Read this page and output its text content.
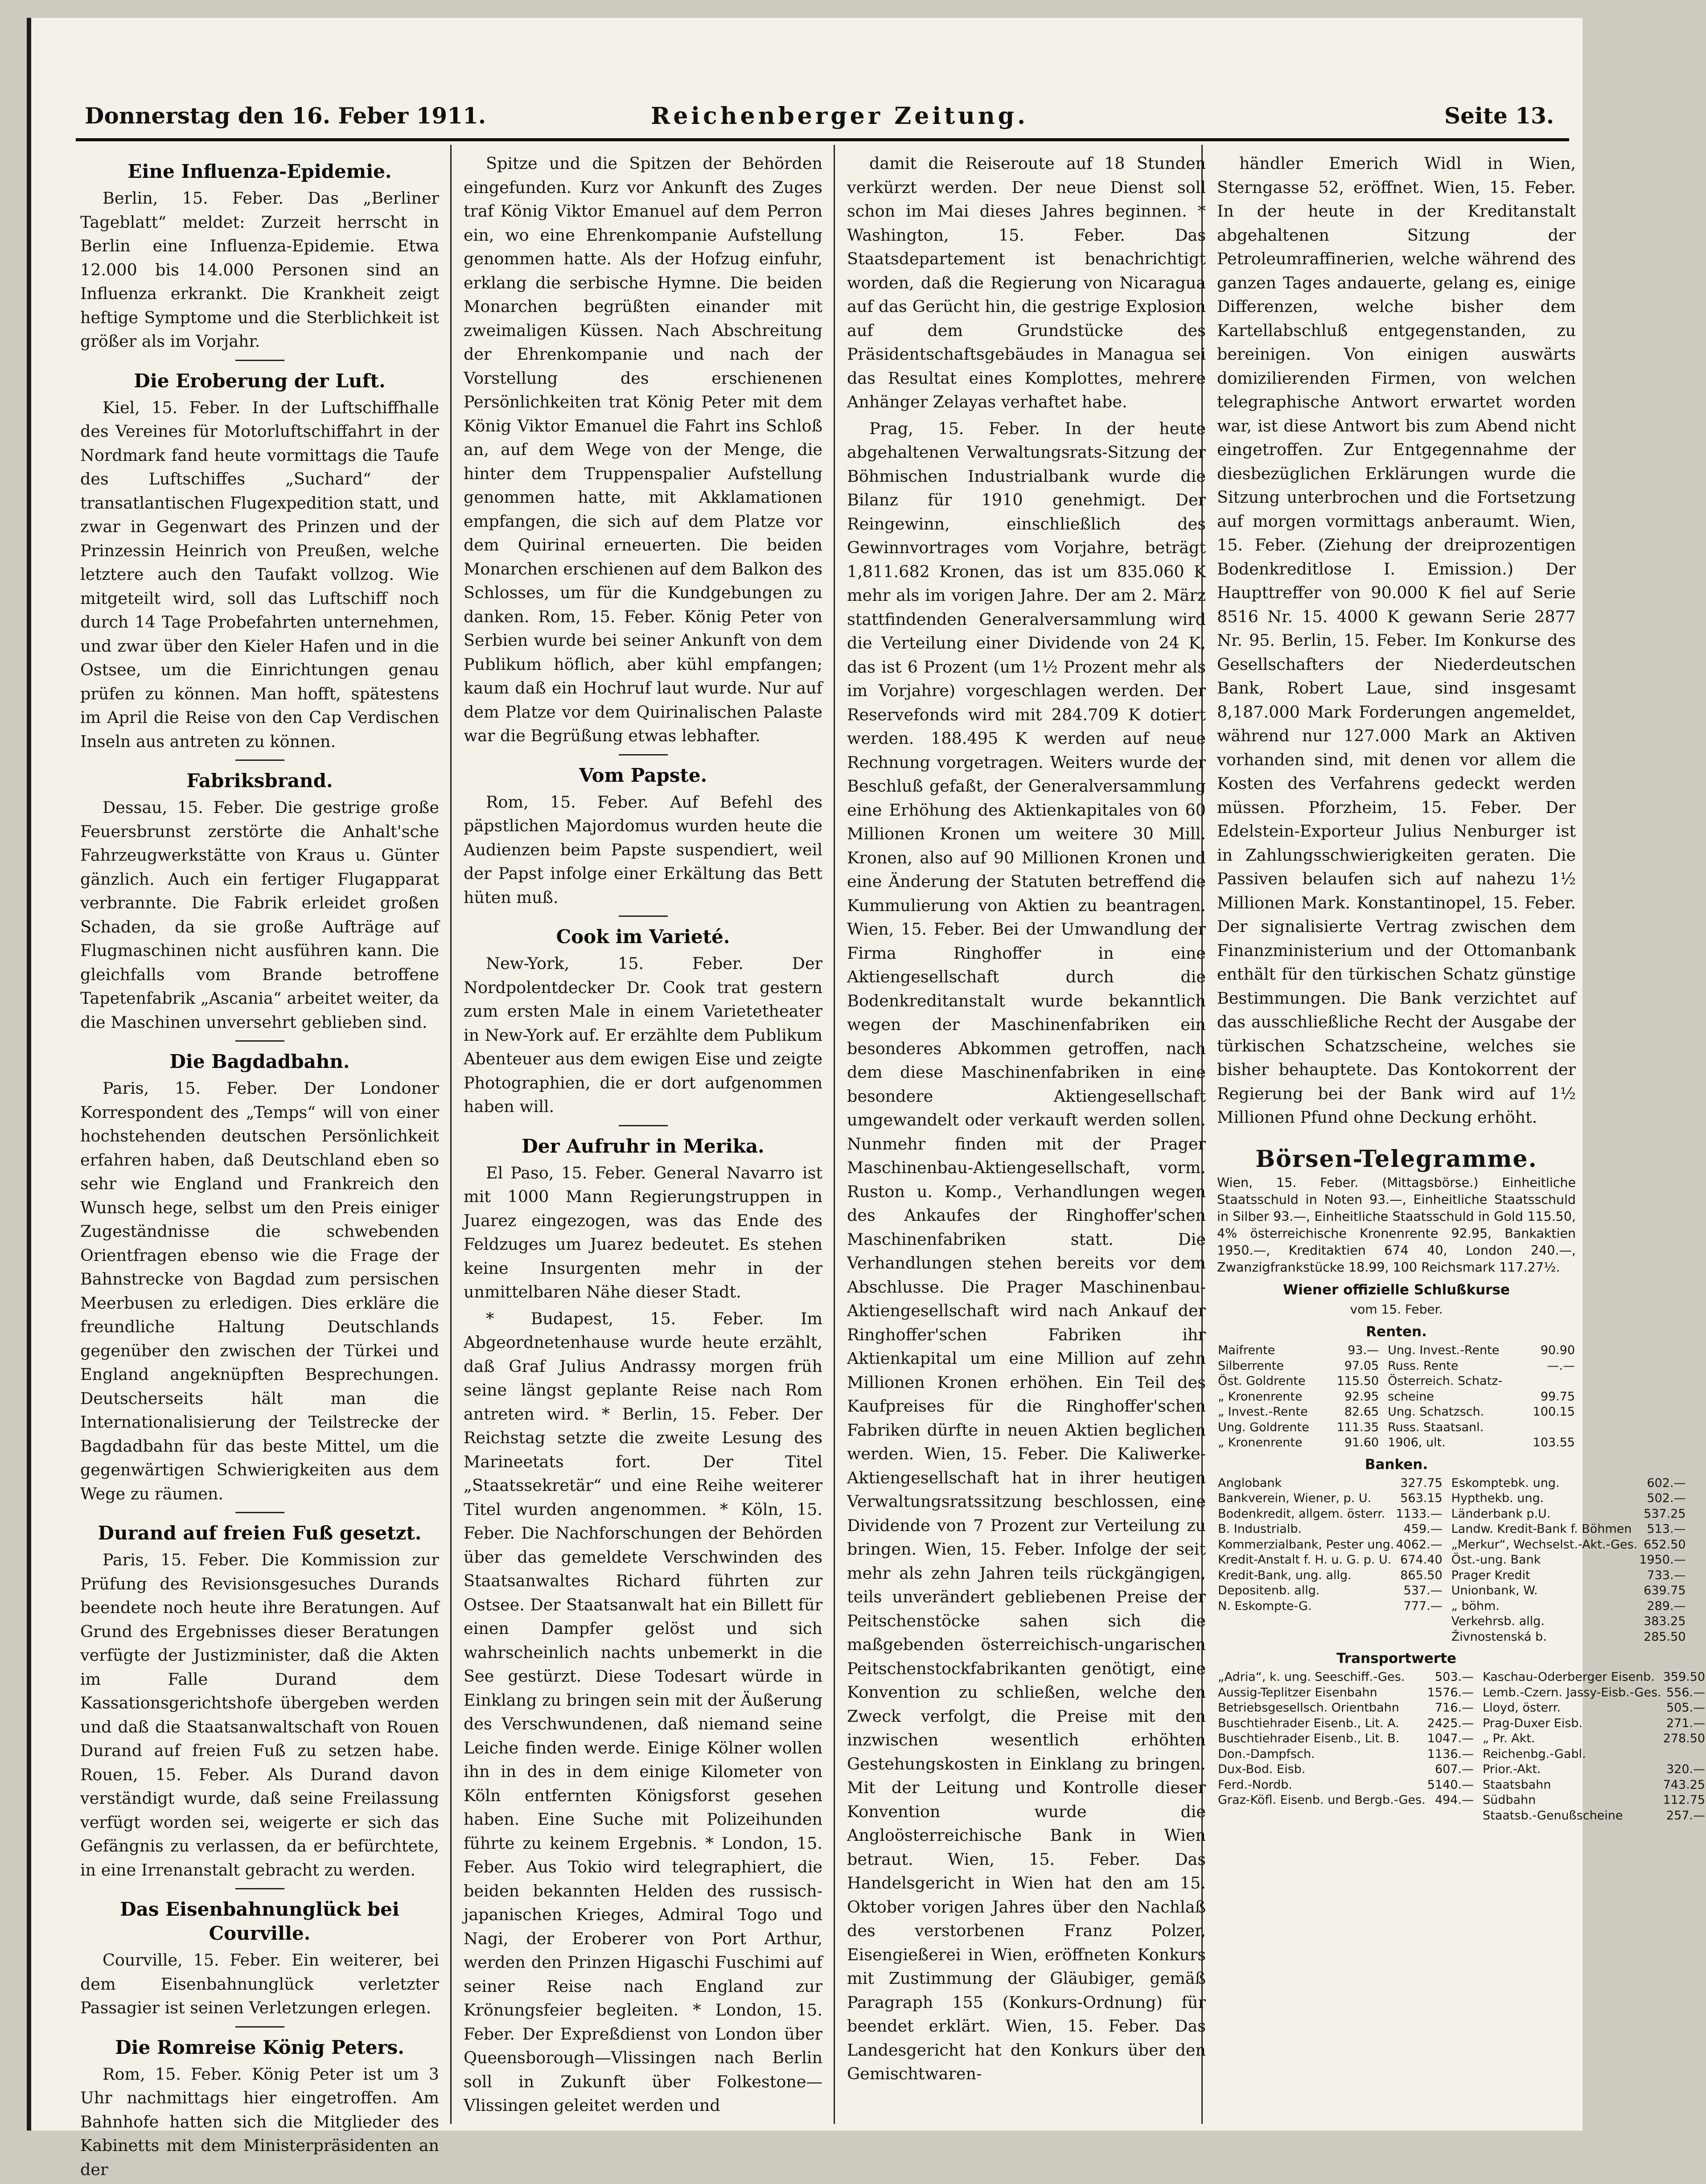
Donnerstag den 16. Feber 1911.	Reichenberger Zeitung.	Seite 13.
Eine Influenza-Epidemie.

Berlin, 15. Feber. Das „Berliner Tageblatt“ meldet: Zurzeit herrscht in Berlin eine Influenza-Epidemie. Etwa 12.000 bis 14.000 Personen sind an Influenza erkrankt. Die Krankheit zeigt heftige Symptome und die Sterblichkeit ist größer als im Vorjahr.

Die Eroberung der Luft.

Kiel, 15. Feber. In der Luftschiffhalle des Vereines für Motorluftschiffahrt in der Nordmark fand heute vormittags die Taufe des Luftschiffes „Suchard“ der transatlantischen Flugexpedition statt, und zwar in Gegenwart des Prinzen und der Prinzessin Heinrich von Preußen, welche letztere auch den Taufakt vollzog. Wie mitgeteilt wird, soll das Luftschiff noch durch 14 Tage Probefahrten unternehmen, und zwar über den Kieler Hafen und in die Ostsee, um die Einrichtungen genau prüfen zu können. Man hofft, spätestens im April die Reise von den Cap Verdischen Inseln aus antreten zu können.

Fabriksbrand.

Dessau, 15. Feber. Die gestrige große Feuersbrunst zerstörte die Anhalt'sche Fahrzeugwerkstätte von Kraus u. Günter gänzlich. Auch ein fertiger Flugapparat verbrannte. Die Fabrik erleidet großen Schaden, da sie große Aufträge auf Flugmaschinen nicht ausführen kann. Die gleichfalls vom Brande betroffene Tapetenfabrik „Ascania“ arbeitet weiter, da die Maschinen unversehrt geblieben sind.

Die Bagdadbahn.

Paris, 15. Feber. Der Londoner Korrespondent des „Temps“ will von einer hochstehenden deutschen Persönlichkeit erfahren haben, daß Deutschland eben so sehr wie England und Frankreich den Wunsch hege, selbst um den Preis einiger Zugeständnisse die schwebenden Orientfragen ebenso wie die Frage der Bahnstrecke von Bagdad zum persischen Meerbusen zu erledigen. Dies erkläre die freundliche Haltung Deutschlands gegenüber den zwischen der Türkei und England angeknüpften Besprechungen. Deutscherseits hält man die Internationalisierung der Teilstrecke der Bagdadbahn für das beste Mittel, um die gegenwärtigen Schwierigkeiten aus dem Wege zu räumen.

Durand auf freien Fuß gesetzt.

Paris, 15. Feber. Die Kommission zur Prüfung des Revisionsgesuches Durands beendete noch heute ihre Beratungen. Auf Grund des Ergebnisses dieser Beratungen verfügte der Justizminister, daß die Akten im Falle Durand dem Kassationsgerichtshofe übergeben werden und daß die Staatsanwaltschaft von Rouen Durand auf freien Fuß zu setzen habe. Rouen, 15. Feber. Als Durand davon verständigt wurde, daß seine Freilassung verfügt worden sei, weigerte er sich das Gefängnis zu verlassen, da er befürchtete, in eine Irrenanstalt gebracht zu werden.

Das Eisenbahnunglück bei Courville.

Courville, 15. Feber. Ein weiterer, bei dem Eisenbahnunglück verletzter Passagier ist seinen Verletzungen erlegen.

Die Romreise König Peters.

Rom, 15. Feber. König Peter ist um 3 Uhr nachmittags hier eingetroffen. Am Bahnhofe hatten sich die Mitglieder des Kabinetts mit dem Ministerpräsidenten an der

Spitze und die Spitzen der Behörden eingefunden. Kurz vor Ankunft des Zuges traf König Viktor Emanuel auf dem Perron ein, wo eine Ehrenkompanie Aufstellung genommen hatte. Als der Hofzug einfuhr, erklang die serbische Hymne. Die beiden Monarchen begrüßten einander mit zweimaligen Küssen. Nach Abschreitung der Ehrenkompanie und nach der Vorstellung des erschienenen Persönlichkeiten trat König Peter mit dem König Viktor Emanuel die Fahrt ins Schloß an, auf dem Wege von der Menge, die hinter dem Truppenspalier Aufstellung genommen hatte, mit Akklamationen empfangen, die sich auf dem Platze vor dem Quirinal erneuerten. Die beiden Monarchen erschienen auf dem Balkon des Schlosses, um für die Kundgebungen zu danken. Rom, 15. Feber. König Peter von Serbien wurde bei seiner Ankunft von dem Publikum höflich, aber kühl empfangen; kaum daß ein Hochruf laut wurde. Nur auf dem Platze vor dem Quirinalischen Palaste war die Begrüßung etwas lebhafter.

Vom Papste.

Rom, 15. Feber. Auf Befehl des päpstlichen Majordomus wurden heute die Audienzen beim Papste suspendiert, weil der Papst infolge einer Erkältung das Bett hüten muß.

Cook im Varieté.

New-York, 15. Feber. Der Nordpolentdecker Dr. Cook trat gestern zum ersten Male in einem Varietetheater in New-York auf. Er erzählte dem Publikum Abenteuer aus dem ewigen Eise und zeigte Photographien, die er dort aufgenommen haben will.

Der Aufruhr in Merika.

El Paso, 15. Feber. General Navarro ist mit 1000 Mann Regierungstruppen in Juarez eingezogen, was das Ende des Feldzuges um Juarez bedeutet. Es stehen keine Insurgenten mehr in der unmittelbaren Nähe dieser Stadt.

* Budapest, 15. Feber. Im Abgeordnetenhause wurde heute erzählt, daß Graf Julius Andrassy morgen früh seine längst geplante Reise nach Rom antreten wird. * Berlin, 15. Feber. Der Reichstag setzte die zweite Lesung des Marineetats fort. Der Titel „Staatssekretär“ und eine Reihe weiterer Titel wurden angenommen. * Köln, 15. Feber. Die Nachforschungen der Behörden über das gemeldete Verschwinden des Staatsanwaltes Richard führten zur Ostsee. Der Staatsanwalt hat ein Billett für einen Dampfer gelöst und sich wahrscheinlich nachts unbemerkt in die See gestürzt. Diese Todesart würde in Einklang zu bringen sein mit der Äußerung des Verschwundenen, daß niemand seine Leiche finden werde. Einige Kölner wollen ihn in des in dem einige Kilometer von Köln entfernten Königsforst gesehen haben. Eine Suche mit Polizeihunden führte zu keinem Ergebnis. * London, 15. Feber. Aus Tokio wird telegraphiert, die beiden bekannten Helden des russisch-japanischen Krieges, Admiral Togo und Nagi, der Eroberer von Port Arthur, werden den Prinzen Higaschi Fuschimi auf seiner Reise nach England zur Krönungsfeier begleiten. * London, 15. Feber. Der Expreßdienst von London über Queensborough—Vlissingen nach Berlin soll in Zukunft über Folkestone—Vlissingen geleitet werden und

damit die Reiseroute auf 18 Stunden verkürzt werden. Der neue Dienst soll schon im Mai dieses Jahres beginnen. * Washington, 15. Feber. Das Staatsdepartement ist benachrichtigt worden, daß die Regierung von Nicaragua auf das Gerücht hin, die gestrige Explosion auf dem Grundstücke des Präsidentschaftsgebäudes in Managua sei das Resultat eines Komplottes, mehrere Anhänger Zelayas verhaftet habe.

Prag, 15. Feber. In der heute abgehaltenen Verwaltungsrats-Sitzung der Böhmischen Industrialbank wurde die Bilanz für 1910 genehmigt. Der Reingewinn, einschließlich des Gewinnvortrages vom Vorjahre, beträgt 1,811.682 Kronen, das ist um 835.060 K mehr als im vorigen Jahre. Der am 2. März stattfindenden Generalversammlung wird die Verteilung einer Dividende von 24 K, das ist 6 Prozent (um 1½ Prozent mehr als im Vorjahre) vorgeschlagen werden. Der Reservefonds wird mit 284.709 K dotiert werden. 188.495 K werden auf neue Rechnung vorgetragen. Weiters wurde der Beschluß gefaßt, der Generalversammlung eine Erhöhung des Aktienkapitales von 60 Millionen Kronen um weitere 30 Mill. Kronen, also auf 90 Millionen Kronen und eine Änderung der Statuten betreffend die Kummulierung von Aktien zu beantragen. Wien, 15. Feber. Bei der Umwandlung der Firma Ringhoffer in eine Aktiengesellschaft durch die Bodenkreditanstalt wurde bekanntlich wegen der Maschinenfabriken ein besonderes Abkommen getroffen, nach dem diese Maschinenfabriken in eine besondere Aktiengesellschaft umgewandelt oder verkauft werden sollen. Nunmehr finden mit der Prager Maschinenbau-Aktiengesellschaft, vorm. Ruston u. Komp., Verhandlungen wegen des Ankaufes der Ringhoffer'schen Maschinenfabriken statt. Die Verhandlungen stehen bereits vor dem Abschlusse. Die Prager Maschinenbau-Aktiengesellschaft wird nach Ankauf der Ringhoffer'schen Fabriken ihr Aktienkapital um eine Million auf zehn Millionen Kronen erhöhen. Ein Teil des Kaufpreises für die Ringhoffer'schen Fabriken dürfte in neuen Aktien beglichen werden. Wien, 15. Feber. Die Kaliwerke-Aktiengesellschaft hat in ihrer heutigen Verwaltungsratssitzung beschlossen, eine Dividende von 7 Prozent zur Verteilung zu bringen. Wien, 15. Feber. Infolge der seit mehr als zehn Jahren teils rückgängigen, teils unverändert gebliebenen Preise der Peitschenstöcke sahen sich die maßgebenden österreichisch-ungarischen Peitschenstockfabrikanten genötigt, eine Konvention zu schließen, welche den Zweck verfolgt, die Preise mit den inzwischen wesentlich erhöhten Gestehungskosten in Einklang zu bringen. Mit der Leitung und Kontrolle dieser Konvention wurde die Angloösterreichische Bank in Wien betraut. Wien, 15. Feber. Das Handelsgericht in Wien hat den am 15. Oktober vorigen Jahres über den Nachlaß des verstorbenen Franz Polzer, Eisengießerei in Wien, eröffneten Konkurs mit Zustimmung der Gläubiger, gemäß Paragraph 155 (Konkurs-Ordnung) für beendet erklärt. Wien, 15. Feber. Das Landesgericht hat den Konkurs über den Gemischtwaren-

händler Emerich Widl in Wien, Sterngasse 52, eröffnet. Wien, 15. Feber. In der heute in der Kreditanstalt abgehaltenen Sitzung der Petroleumraffinerien, welche während des ganzen Tages andauerte, gelang es, einige Differenzen, welche bisher dem Kartellabschluß entgegenstanden, zu bereinigen. Von einigen auswärts domizilierenden Firmen, von welchen telegraphische Antwort erwartet worden war, ist diese Antwort bis zum Abend nicht eingetroffen. Zur Entgegennahme der diesbezüglichen Erklärungen wurde die Sitzung unterbrochen und die Fortsetzung auf morgen vormittags anberaumt. Wien, 15. Feber. (Ziehung der dreiprozentigen Bodenkreditlose I. Emission.) Der Haupttreffer von 90.000 K fiel auf Serie 8516 Nr. 15. 4000 K gewann Serie 2877 Nr. 95. Berlin, 15. Feber. Im Konkurse des Gesellschafters der Niederdeutschen Bank, Robert Laue, sind insgesamt 8,187.000 Mark Forderungen angemeldet, während nur 127.000 Mark an Aktiven vorhanden sind, mit denen vor allem die Kosten des Verfahrens gedeckt werden müssen. Pforzheim, 15. Feber. Der Edelstein-Exporteur Julius Nenburger ist in Zahlungsschwierigkeiten geraten. Die Passiven belaufen sich auf nahezu 1½ Millionen Mark. Konstantinopel, 15. Feber. Der signalisierte Vertrag zwischen dem Finanzministerium und der Ottomanbank enthält für den türkischen Schatz günstige Bestimmungen. Die Bank verzichtet auf das ausschließliche Recht der Ausgabe der türkischen Schatzscheine, welches sie bisher behauptete. Das Kontokorrent der Regierung bei der Bank wird auf 1½ Millionen Pfund ohne Deckung erhöht.

Börsen-Telegramme.

Wien, 15. Feber. (Mittagsbörse.) Einheitliche Staatsschuld in Noten 93.—, Einheitliche Staatsschuld in Silber 93.—, Einheitliche Staatsschuld in Gold 115.50, 4% österreichische Kronenrente 92.95, Bankaktien 1950.—, Kreditaktien 674 40, London 240.—, Zwanzigfrankstücke 18.99, 100 Reichsmark 117.27½.

Wiener offizielle Schlußkurse

vom 15. Feber.

Renten.
Maifrente	93.—	Ung. Invest.-Rente	90.90
Silberrente	97.05	Russ. Rente	—.—
Öst. Goldrente	115.50	Österreich. Schatz-	
„ Kronenrente	92.95	scheine	99.75
„ Invest.-Rente	82.65	Ung. Schatzsch.	100.15
Ung. Goldrente	111.35	Russ. Staatsanl.	
„ Kronenrente	91.60	1906, ult.	103.55
Banken.
Anglobank	327.75	Eskomptebk. ung.	602.—
Bankverein, Wiener, p. U.	563.15	Hypthekb. ung.	502.—
Bodenkredit, allgem. österr.	1133.—	Länderbank p.U.	537.25
B. Industrialb.	459.—	Landw. Kredit-Bank f. Böhmen	513.—
Kommerzialbank, Pester ung.	4062.—	„Merkur“, Wechselst.-Akt.-Ges.	652.50
Kredit-Anstalt f. H. u. G. p. U.	674.40	Öst.-ung. Bank	1950.—
Kredit-Bank, ung. allg.	865.50	Prager Kredit	733.—
Depositenb. allg.	537.—	Unionbank, W.	639.75
N. Eskompte-G.	777.—	„ böhm.	289.—
		Verkehrsb. allg.	383.25
		Živnostenská b.	285.50
Transportwerte
„Adria“, k. ung. Seeschiff.-Ges.	503.—	Kaschau-Oderberger Eisenb.	359.50
Aussig-Teplitzer Eisenbahn	1576.—	Lemb.-Czern. Jassy-Eisb.-Ges.	556.—
Betriebsgesellsch. Orientbahn	716.—	Lloyd, österr.	505.—
Buschtiehrader Eisenb., Lit. A.	2425.—	Prag-Duxer Eisb.	271.—
Buschtiehrader Eisenb., Lit. B.	1047.—	„ Pr. Akt.	278.50
Don.-Dampfsch.	1136.—	Reichenbg.-Gabl.	
Dux-Bod. Eisb.	607.—	Prior.-Akt.	320.—
Ferd.-Nordb.	5140.—	Staatsbahn	743.25
Graz-Köfl. Eisenb. und Bergb.-Ges.	494.—	Südbahn	112.75
		Staatsb.-Genußscheine	257.—
